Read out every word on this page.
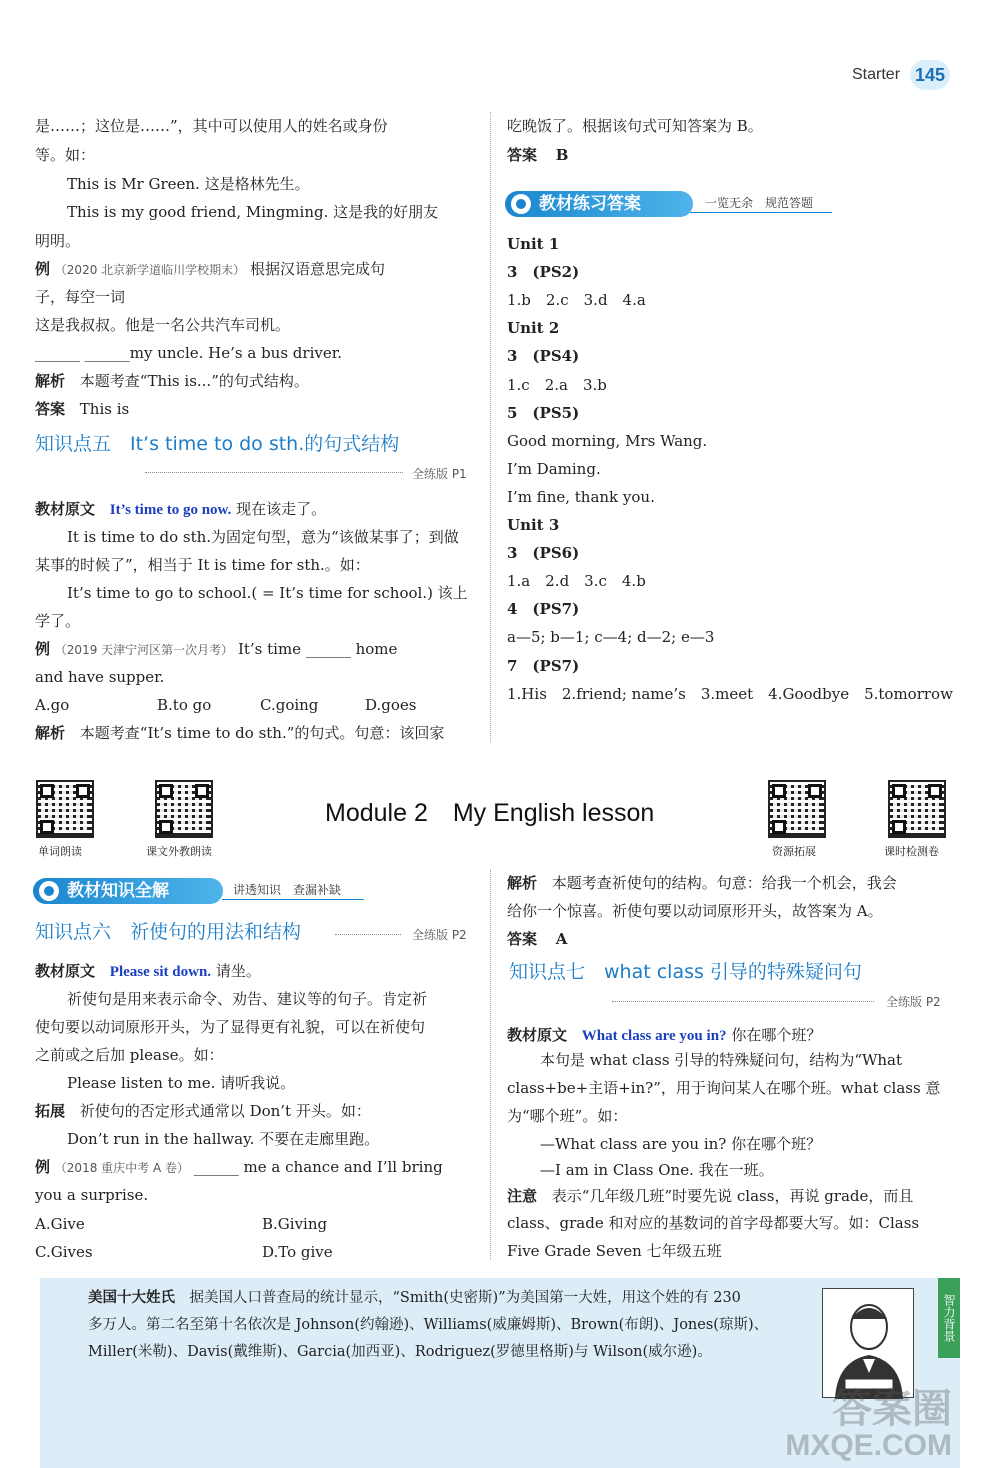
Starter 145
是……；这位是……”，其中可以使用人的姓名或身份
等。如：
This is Mr Green. 这是格林先生。
This is my good friend, Mingming. 这是我的好朋友
明明。
例 （2020 北京新学道临川学校期末） 根据汉语意思完成句
子，每空一词
这是我叔叔。他是一名公共汽车司机。
______ ______my uncle. He’s a bus driver.
解析 本题考查“This is...”的句式结构。
答案 This is
知识点五　It’s time to do sth.的句式结构
全练版 P1
教材原文 It’s time to go now. 现在该走了。
It is time to do sth.为固定句型，意为“该做某事了；到做
某事的时候了”，相当于 It is time for sth.。如：
It’s time to go to school.( = It’s time for school.) 该上
学了。
例 （2019 天津宁河区第一次月考） It’s time ______ home
and have supper.
A.go	B.to go	C.going	D.goes
解析 本题考查“It’s time to do sth.”的句式。句意：该回家
吃晚饭了。根据该句式可知答案为 B。
答案 B
教材练习答案	一览无余　规范答题
Unit 1
3　(PS2)
1.b　2.c　3.d　4.a
Unit 2
3　(PS4)
1.c　2.a　3.b
5　(PS5)
Good morning, Mrs Wang.
I’m Daming.
I’m fine, thank you.
Unit 3
3　(PS6)
1.a　2.d　3.c　4.b
4　(PS7)
a—5; b—1; c—4; d—2; e—3
7　(PS7)
1.His　2.friend; name’s　3.meet　4.Goodbye　5.tomorrow
单词朗读	课文外教朗读
Module 2　My English lesson
资源拓展	课时检测卷
教材知识全解	讲透知识　查漏补缺
知识点六　祈使句的用法和结构	全练版 P2
教材原文 Please sit down. 请坐。
祈使句是用来表示命令、劝告、建议等的句子。肯定祈
使句要以动词原形开头，为了显得更有礼貌，可以在祈使句
之前或之后加 please。如：
Please listen to me. 请听我说。
拓展 祈使句的否定形式通常以 Don’t 开头。如：
Don’t run in the hallway. 不要在走廊里跑。
例 （2018 重庆中考 A 卷） ______ me a chance and I’ll bring
you a surprise.
A.Give	B.Giving
C.Gives	D.To give
解析 本题考查祈使句的结构。句意：给我一个机会，我会
给你一个惊喜。祈使句要以动词原形开头，故答案为 A。
答案 A
知识点七　what class 引导的特殊疑问句
全练版 P2
教材原文 What class are you in? 你在哪个班？
本句是 what class 引导的特殊疑问句，结构为“What
class+be+主语+in?”，用于询问某人在哪个班。what class 意
为“哪个班”。如：
—What class are you in? 你在哪个班？
—I am in Class One. 我在一班。
注意 表示“几年级几班”时要先说 class，再说 grade，而且
class、grade 和对应的基数词的首字母都要大写。如：Class
Five Grade Seven 七年级五班
美国十大姓氏　 据美国人口普查局的统计显示，“Smith(史密斯)”为美国第一大姓，用这个姓的有 230
多万人。第二名至第十名依次是 Johnson(约翰逊)、Williams(威廉姆斯)、Brown(布朗)、Jones(琼斯)、
Miller(米勒)、Davis(戴维斯)、Garcia(加西亚)、Rodriguez(罗德里格斯)与 Wilson(威尔逊)。
智力背景
答案圈
MXQE.COM
